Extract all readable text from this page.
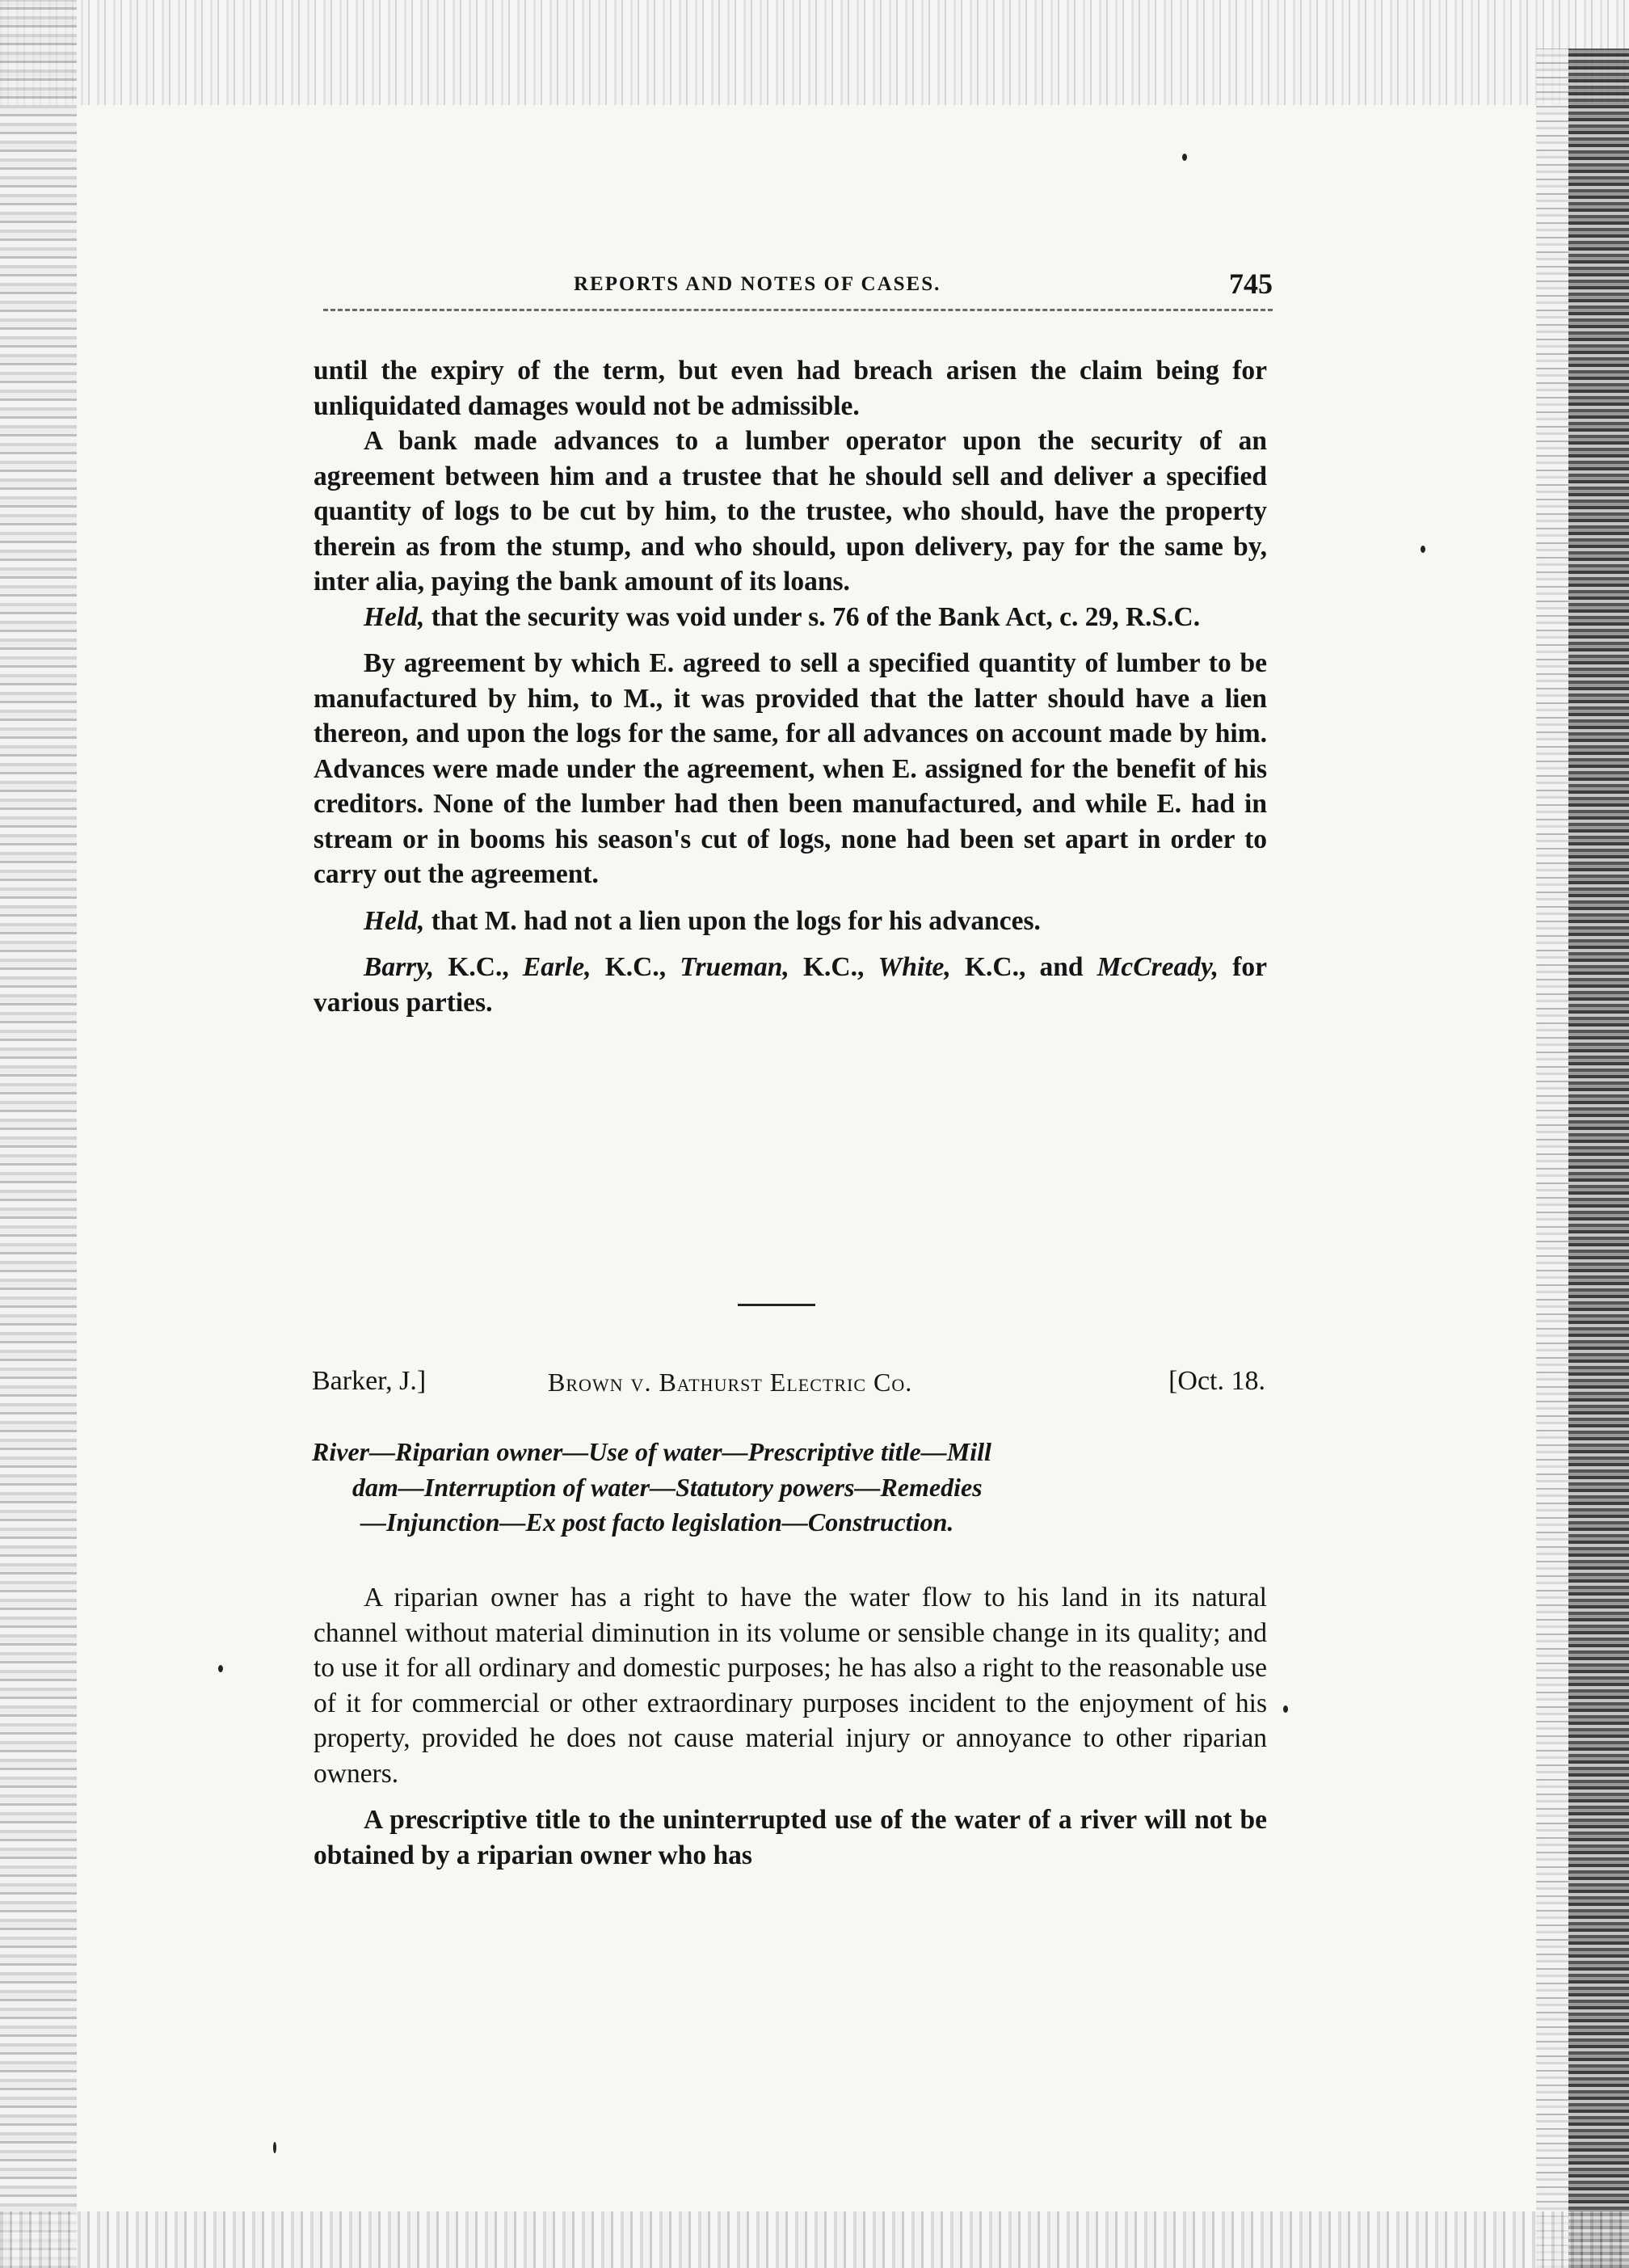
REPORTS AND NOTES OF CASES.	745

until the expiry of the term, but even had breach arisen the claim being for unliquidated damages would not be admissible.

A bank made advances to a lumber operator upon the security of an agreement between him and a trustee that he should sell and deliver a specified quantity of logs to be cut by him, to the trustee, who should, have the property therein as from the stump, and who should, upon delivery, pay for the same by, inter alia, paying the bank amount of its loans.

Held, that the security was void under s. 76 of the Bank Act, c. 29, R.S.C.

By agreement by which E. agreed to sell a specified quantity of lumber to be manufactured by him, to M., it was provided that the latter should have a lien thereon, and upon the logs for the same, for all advances on account made by him. Advances were made under the agreement, when E. assigned for the benefit of his creditors. None of the lumber had then been manufactured, and while E. had in stream or in booms his season's cut of logs, none had been set apart in order to carry out the agreement.

Held, that M. had not a lien upon the logs for his advances.

Barry, K.C., Earle, K.C., Trueman, K.C., White, K.C., and McCready, for various parties.

Barker, J.]	Brown v. Bathurst Electric Co.	[Oct. 18.
River—Riparian owner—Use of water—Prescriptive title—Mill
dam—Interruption of water—Statutory powers—Remedies
—Injunction—Ex post facto legislation—Construction.

A riparian owner has a right to have the water flow to his land in its natural channel without material diminution in its volume or sensible change in its quality; and to use it for all ordinary and domestic purposes; he has also a right to the reasonable use of it for commercial or other extraordinary purposes incident to the enjoyment of his property, provided he does not cause material injury or annoyance to other riparian owners.

A prescriptive title to the uninterrupted use of the water of a river will not be obtained by a riparian owner who has
